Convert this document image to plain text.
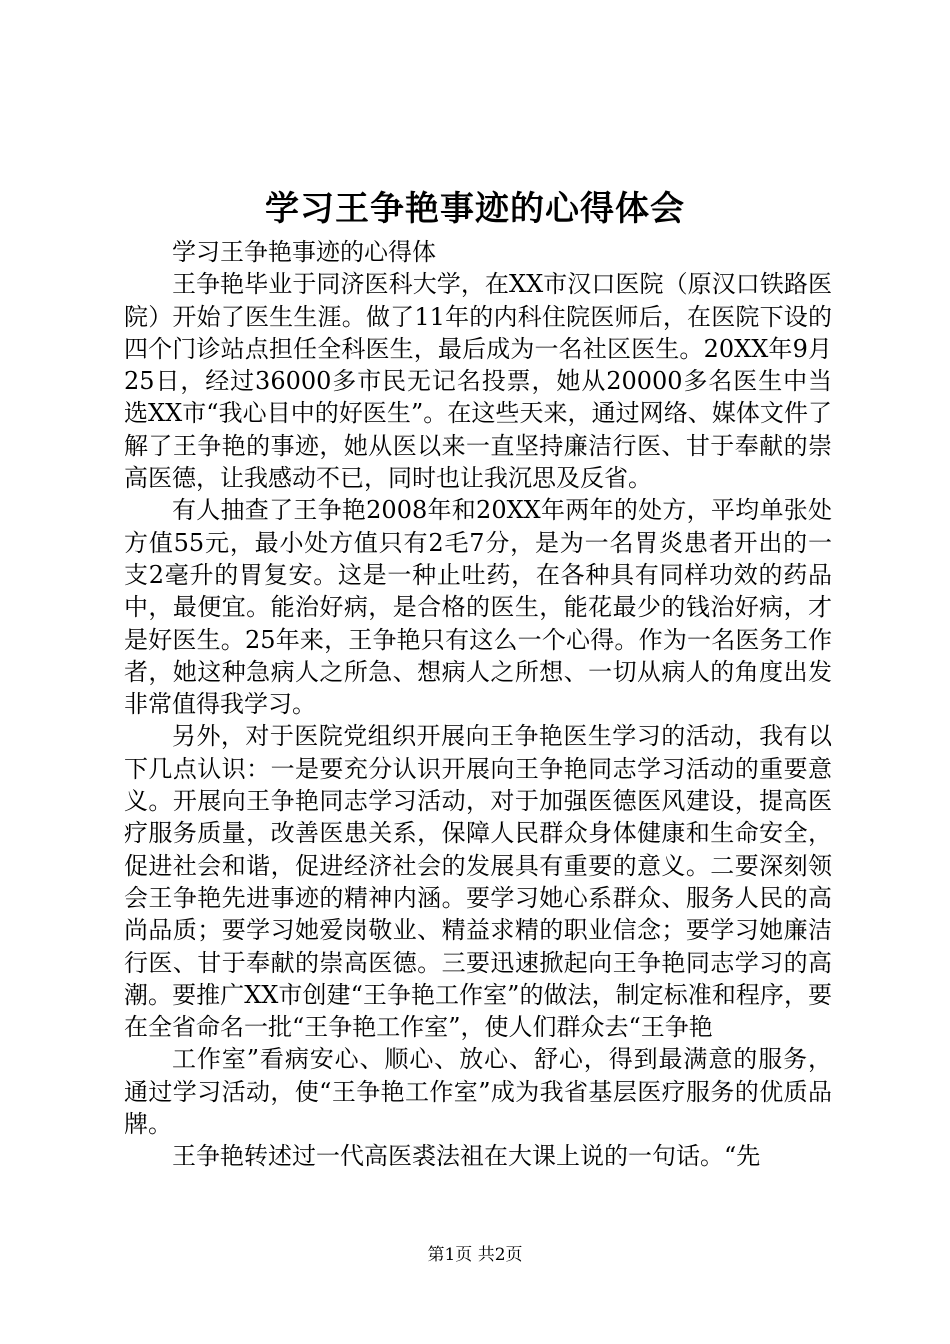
学习王争艳事迹的心得体会

学习王争艳事迹的心得体

王争艳毕业于同济医科大学，在XX市汉口医院（原汉口铁路医院）开始了医生生涯。做了11年的内科住院医师后，在医院下设的四个门诊站点担任全科医生，最后成为一名社区医生。20XX年9月25日，经过36000多市民无记名投票，她从20000多名医生中当选XX市“我心目中的好医生”。在这些天来，通过网络、媒体文件了解了王争艳的事迹，她从医以来一直坚持廉洁行医、甘于奉献的崇高医德，让我感动不已，同时也让我沉思及反省。

有人抽查了王争艳2008年和20XX年两年的处方，平均单张处方值55元，最小处方值只有2毛7分，是为一名胃炎患者开出的一支2毫升的胃复安。这是一种止吐药，在各种具有同样功效的药品中，最便宜。能治好病，是合格的医生，能花最少的钱治好病，才是好医生。25年来，王争艳只有这么一个心得。作为一名医务工作者，她这种急病人之所急、想病人之所想、一切从病人的角度出发非常值得我学习。

另外，对于医院党组织开展向王争艳医生学习的活动，我有以下几点认识：一是要充分认识开展向王争艳同志学习活动的重要意义。开展向王争艳同志学习活动，对于加强医德医风建设，提高医疗服务质量，改善医患关系，保障人民群众身体健康和生命安全，促进社会和谐，促进经济社会的发展具有重要的意义。二要深刻领会王争艳先进事迹的精神内涵。要学习她心系群众、服务人民的高尚品质；要学习她爱岗敬业、精益求精的职业信念；要学习她廉洁行医、甘于奉献的崇高医德。三要迅速掀起向王争艳同志学习的高潮。要推广XX市创建“王争艳工作室”的做法，制定标准和程序，要在全省命名一批“王争艳工作室”，使人们群众去“王争艳

工作室”看病安心、顺心、放心、舒心，得到最满意的服务，通过学习活动，使“王争艳工作室”成为我省基层医疗服务的优质品牌。

王争艳转述过一代高医裘法祖在大课上说的一句话。“先

第1页 共2页
